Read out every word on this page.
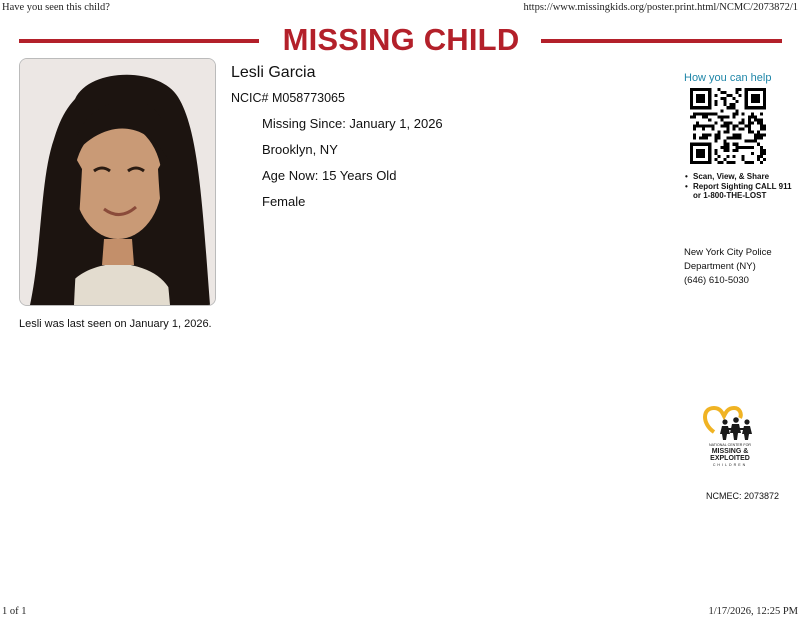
Have you seen this child?	https://www.missingkids.org/poster.print.html/NCMC/2073872/1
MISSING CHILD
Lesli Garcia
NCIC# M058773065
Missing Since: January 1, 2026
Brooklyn, NY
Age Now: 15 Years Old
Female
Lesli was last seen on January 1, 2026.
How you can help
• Scan, View, & Share
• Report Sighting CALL 911 or 1-800-THE-LOST
New York City Police
Department (NY)
(646) 610-5030
NATIONAL CENTER FOR
MISSING &
EXPLOITED
CHILDREN
NCMEC: 2073872
1 of 1	1/17/2026, 12:25 PM
